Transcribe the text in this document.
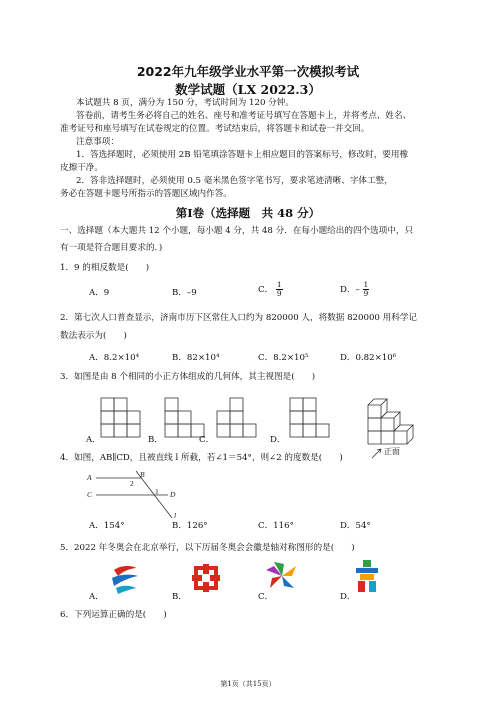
2022年九年级学业水平第一次模拟考试
数学试题（LX 2022.3）
本试题共 8 页，满分为 150 分，考试时间为 120 分钟。
答卷前，请考生务必将自己的姓名、座号和准考证号填写在答题卡上，并将考点、姓名、
准考证号和座号填写在试卷规定的位置。考试结束后，将答题卡和试卷一并交回。
注意事项：
1．答选择题时，必须使用 2B 铅笔填涂答题卡上相应题目的答案标号，修改时，要用橡
皮擦干净。
2．答非选择题时，必须使用 0.5 毫米黑色签字笔书写，要求笔迹清晰、字体工整，
务必在答题卡题号所指示的答题区域内作答。
第Ⅰ卷（选择题　共 48 分）
一、选择题（本大题共 12 个小题，每小题 4 分，共 48 分．在每小题给出的四个选项中，只
有一项是符合题目要求的．)
1．9 的相反数是(　　)
A．9	B．–9	C． $\frac{1}{9}$	D．– $\frac{1}{9}$
2．第七次人口普查显示，济南市历下区常住人口约为 820000 人，将数据 820000 用科学记
数法表示为(　　)
A．8.2×10⁴	B．82×10⁴	C．8.2×10⁵	D．0.82×10⁶
3．如图是由 8 个相同的小正方体组成的几何体，其主视图是(　　)
A．	B．	C．	D．
正面
4．如图，AB∥CD，且被直线 l 所截，若∠1＝54°，则∠2 的度数是(　　)
A	B
C	D
l
2
1
A．154°	B．126°	C．116°	D．54°
5．2022 年冬奥会在北京举行，以下历届冬奥会会徽是轴对称图形的是(　　)
A．	B．	C．	D．
6．下列运算正确的是(　　)
第1页（共15页）
